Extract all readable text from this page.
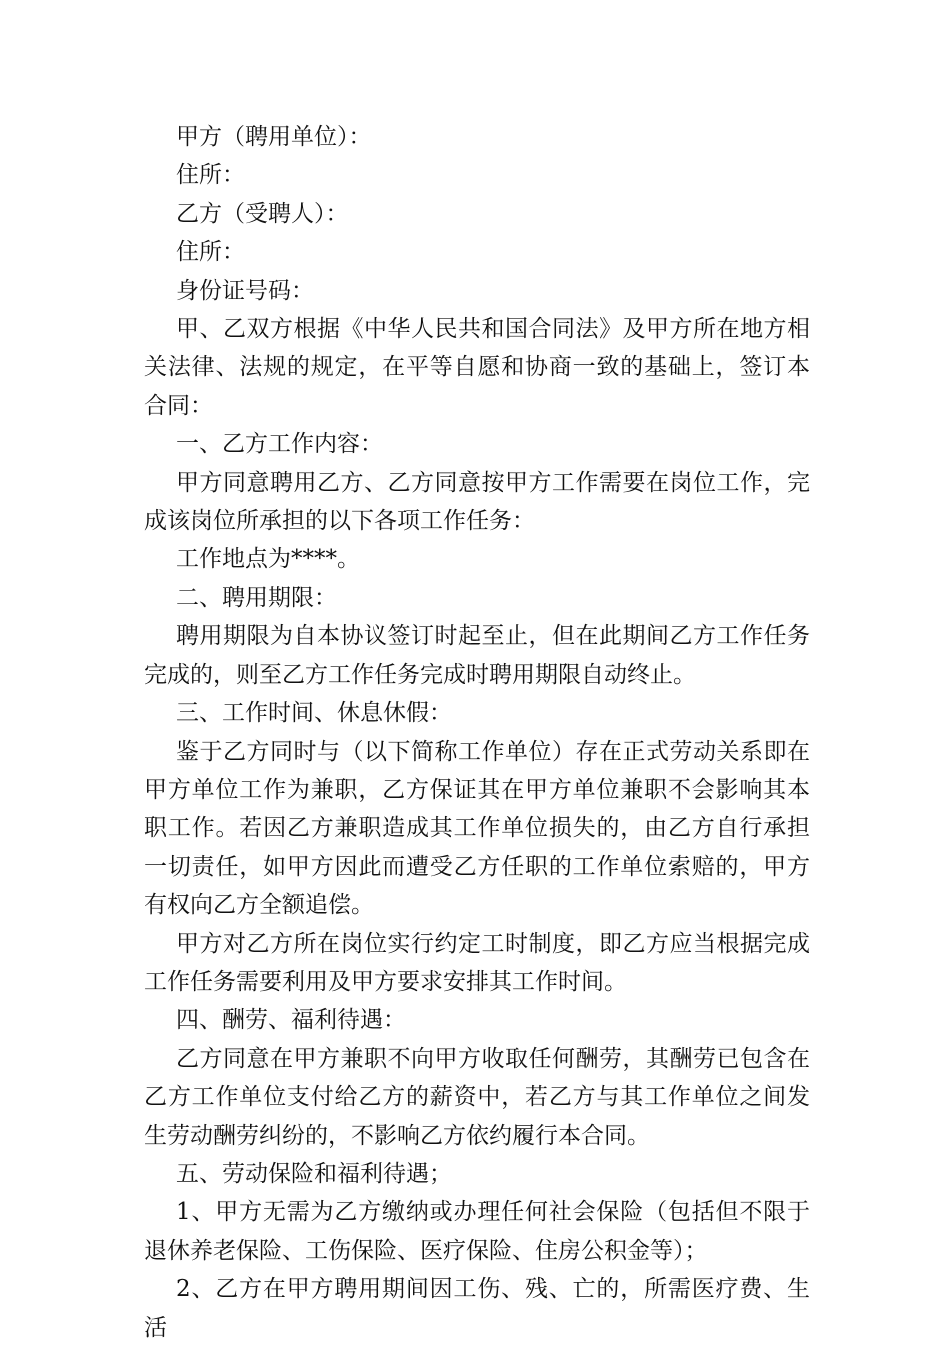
甲方（聘用单位）：

住所：

乙方（受聘人）：

住所：

身份证号码：

甲、乙双方根据《中华人民共和国合同法》及甲方所在地方相关法律、法规的规定，在平等自愿和协商一致的基础上，签订本合同：

一、乙方工作内容：

甲方同意聘用乙方、乙方同意按甲方工作需要在岗位工作，完成该岗位所承担的以下各项工作任务：

工作地点为****。

二、聘用期限：

聘用期限为自本协议签订时起至止，但在此期间乙方工作任务完成的，则至乙方工作任务完成时聘用期限自动终止。

三、工作时间、休息休假：

鉴于乙方同时与（以下简称工作单位）存在正式劳动关系即在甲方单位工作为兼职，乙方保证其在甲方单位兼职不会影响其本职工作。若因乙方兼职造成其工作单位损失的，由乙方自行承担一切责任，如甲方因此而遭受乙方任职的工作单位索赔的，甲方有权向乙方全额追偿。

甲方对乙方所在岗位实行约定工时制度，即乙方应当根据完成工作任务需要利用及甲方要求安排其工作时间。

四、酬劳、福利待遇：

乙方同意在甲方兼职不向甲方收取任何酬劳，其酬劳已包含在乙方工作单位支付给乙方的薪资中，若乙方与其工作单位之间发生劳动酬劳纠纷的，不影响乙方依约履行本合同。

五、劳动保险和福利待遇；

1、甲方无需为乙方缴纳或办理任何社会保险（包括但不限于退休养老保险、工伤保险、医疗保险、住房公积金等）；

2、乙方在甲方聘用期间因工伤、残、亡的，所需医疗费、生活
